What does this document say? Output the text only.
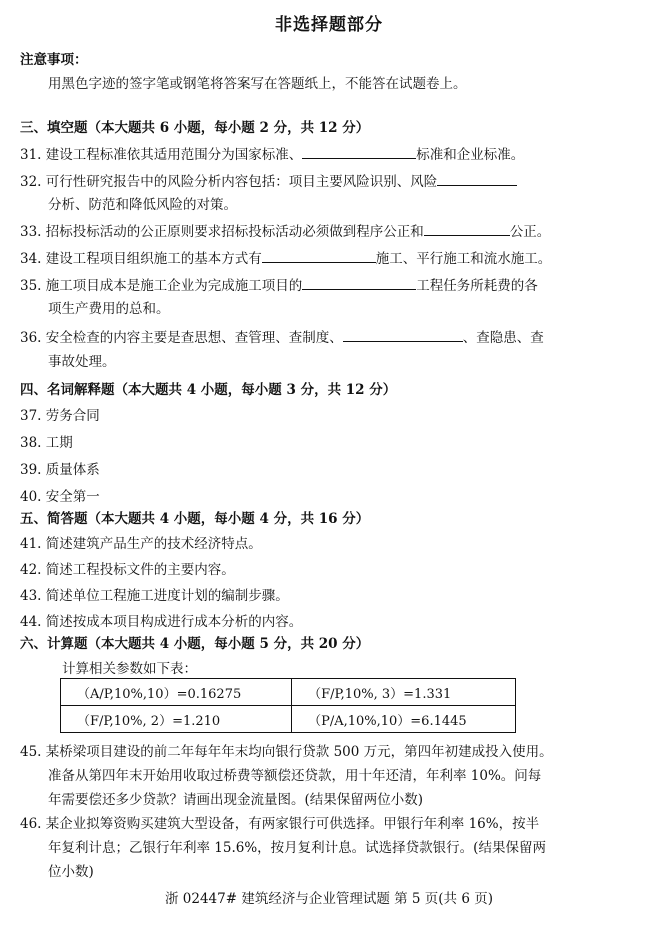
非选择题部分
注意事项：
用黑色字迹的签字笔或钢笔将答案写在答题纸上，不能答在试题卷上。
三、填空题（本大题共 6 小题，每小题 2 分，共 12 分）
31. 建设工程标准依其适用范围分为国家标准、	标准和企业标准。
32. 可行性研究报告中的风险分析内容包括：项目主要风险识别、风险
分析、防范和降低风险的对策。
33. 招标投标活动的公正原则要求招标投标活动必须做到程序公正和	公正。
34. 建设工程项目组织施工的基本方式有	施工、平行施工和流水施工。
35. 施工项目成本是施工企业为完成施工项目的	工程任务所耗费的各
项生产费用的总和。
36. 安全检查的内容主要是查思想、查管理、查制度、	、查隐患、查
事故处理。
四、名词解释题（本大题共 4 小题，每小题 3 分，共 12 分）
37. 劳务合同
38. 工期
39. 质量体系
40. 安全第一
五、简答题（本大题共 4 小题，每小题 4 分，共 16 分）
41. 简述建筑产品生产的技术经济特点。
42. 简述工程投标文件的主要内容。
43. 简述单位工程施工进度计划的编制步骤。
44. 简述按成本项目构成进行成本分析的内容。
六、计算题（本大题共 4 小题，每小题 5 分，共 20 分）
计算相关参数如下表：
（A/P,10%,10）=0.16275	（F/P,10%, 3）=1.331
（F/P,10%, 2）=1.210	（P/A,10%,10）=6.1445
45. 某桥梁项目建设的前二年每年年末均向银行贷款 500 万元，第四年初建成投入使用。
准备从第四年末开始用收取过桥费等额偿还贷款，用十年还清，年利率 10%。问每
年需要偿还多少贷款？请画出现金流量图。(结果保留两位小数)
46. 某企业拟筹资购买建筑大型设备，有两家银行可供选择。甲银行年利率 16%，按半
年复利计息；乙银行年利率 15.6%，按月复利计息。试选择贷款银行。(结果保留两
位小数)
浙 02447# 建筑经济与企业管理试题 第 5 页(共 6 页)
